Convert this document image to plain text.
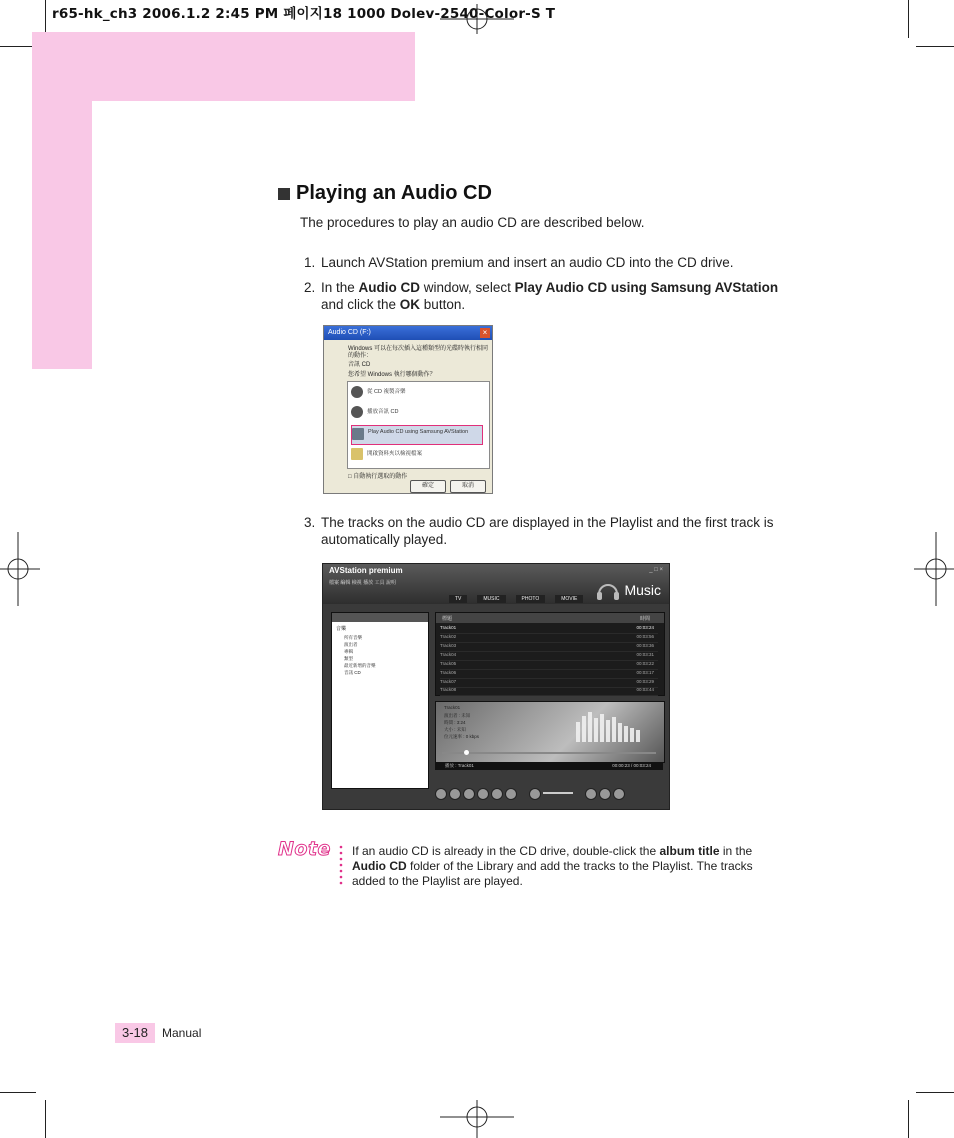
r65-hk_ch3 2006.1.2 2:45 PM 페이지18 1000 Dolev-2540-Color-S T
Playing an Audio CD
The procedures to play an audio CD are described below.
1. Launch AVStation premium and insert an audio CD into the CD drive.
2. In the Audio CD window, select Play Audio CD using Samsung AVStation and click the OK button.
Audio CD (F:)	×
Windows 可以在每次插入這種類型的光碟時執行相同的動作：
音訊 CD
您希望 Windows 執行哪個動作？
從 CD 複製音樂
播放音訊 CD
Play Audio CD using Samsung AVStation
開啟資料夾以檢視檔案
□ 自動執行選取的動作
確定	取消
3. The tracks on the audio CD are displayed in the Playlist and the first track is automatically played.
AVStation premium	_ □ ×
檔案 編輯 檢視 播放 工具 說明
TV	MUSIC	PHOTO	MOVIE
Music
音樂
所有音樂
演出者
專輯
類型
最近新增的音樂
音訊 CD
標題	時間
Track01	00:03:24
Track02	00:03:56
Track03	00:03:36
Track04	00:03:31
Track05	00:03:22
Track06	00:03:17
Track07	00:03:29
Track08	00:03:44
Track01
演出者 : 未知
時間 : 3:24
大小 : 未知
位元速率 : 0 kbps
播放 : Track01	00:00:23 / 00:03:24
Note If an audio CD is already in the CD drive, double-click the album title in the Audio CD folder of the Library and add the tracks to the Playlist. The tracks added to the Playlist are played.
3-18 Manual
